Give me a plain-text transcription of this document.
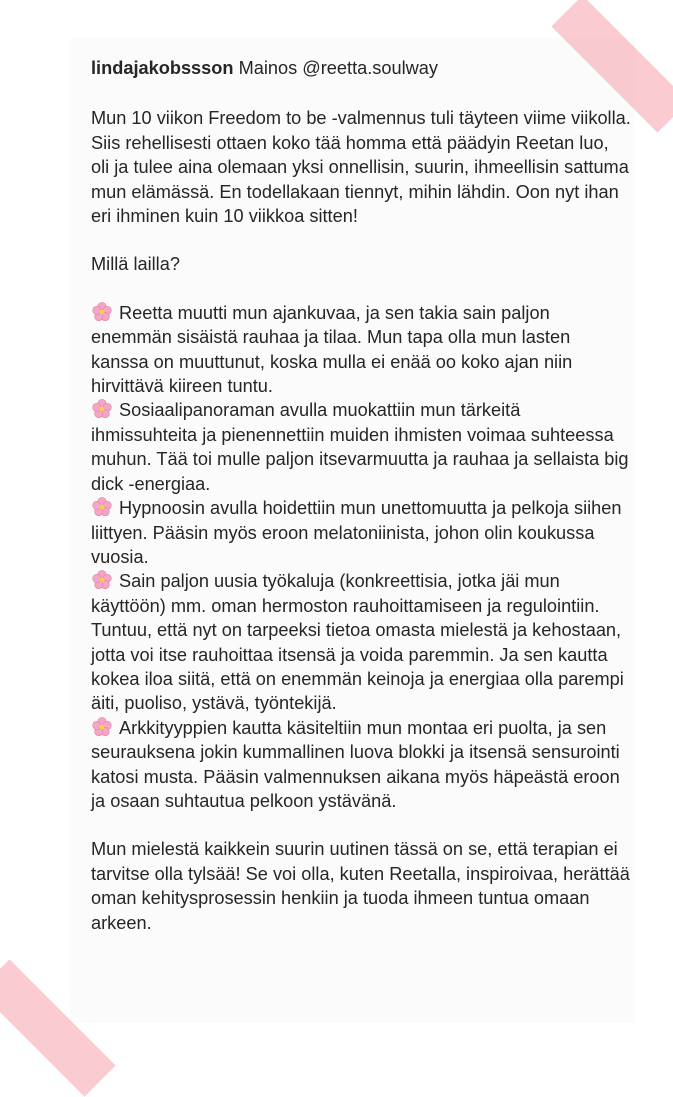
lindajakobssson Mainos @reetta.soulway

Mun 10 viikon Freedom to be -valmennus tuli täyteen viime viikolla. Siis rehellisesti ottaen koko tää homma että päädyin Reetan luo, oli ja tulee aina olemaan yksi onnellisin, suurin, ihmeellisin sattuma mun elämässä. En todellakaan tiennyt, mihin lähdin. Oon nyt ihan eri ihminen kuin 10 viikkoa sitten!

Millä lailla?

Reetta muutti mun ajankuvaa, ja sen takia sain paljon enemmän sisäistä rauhaa ja tilaa. Mun tapa olla mun lasten kanssa on muuttunut, koska mulla ei enää oo koko ajan niin hirvittävä kiireen tuntu.

Sosiaalipanoraman avulla muokattiin mun tärkeitä ihmissuhteita ja pienennettiin muiden ihmisten voimaa suhteessa muhun. Tää toi mulle paljon itsevarmuutta ja rauhaa ja sellaista big dick -energiaa.

Hypnoosin avulla hoidettiin mun unettomuutta ja pelkoja siihen liittyen. Pääsin myös eroon melatoniinista, johon olin koukussa vuosia.

Sain paljon uusia työkaluja (konkreettisia, jotka jäi mun käyttöön) mm. oman hermoston rauhoittamiseen ja regulointiin. Tuntuu, että nyt on tarpeeksi tietoa omasta mielestä ja kehostaan, jotta voi itse rauhoittaa itsensä ja voida paremmin. Ja sen kautta kokea iloa siitä, että on enemmän keinoja ja energiaa olla parempi äiti, puoliso, ystävä, työntekijä.

Arkkityyppien kautta käsiteltiin mun montaa eri puolta, ja sen seurauksena jokin kummallinen luova blokki ja itsensä sensurointi katosi musta. Pääsin valmennuksen aikana myös häpeästä eroon ja osaan suhtautua pelkoon ystävänä.

Mun mielestä kaikkein suurin uutinen tässä on se, että terapian ei tarvitse olla tylsää! Se voi olla, kuten Reetalla, inspiroivaa, herättää oman kehitysprosessin henkiin ja tuoda ihmeen tuntua omaan arkeen.
